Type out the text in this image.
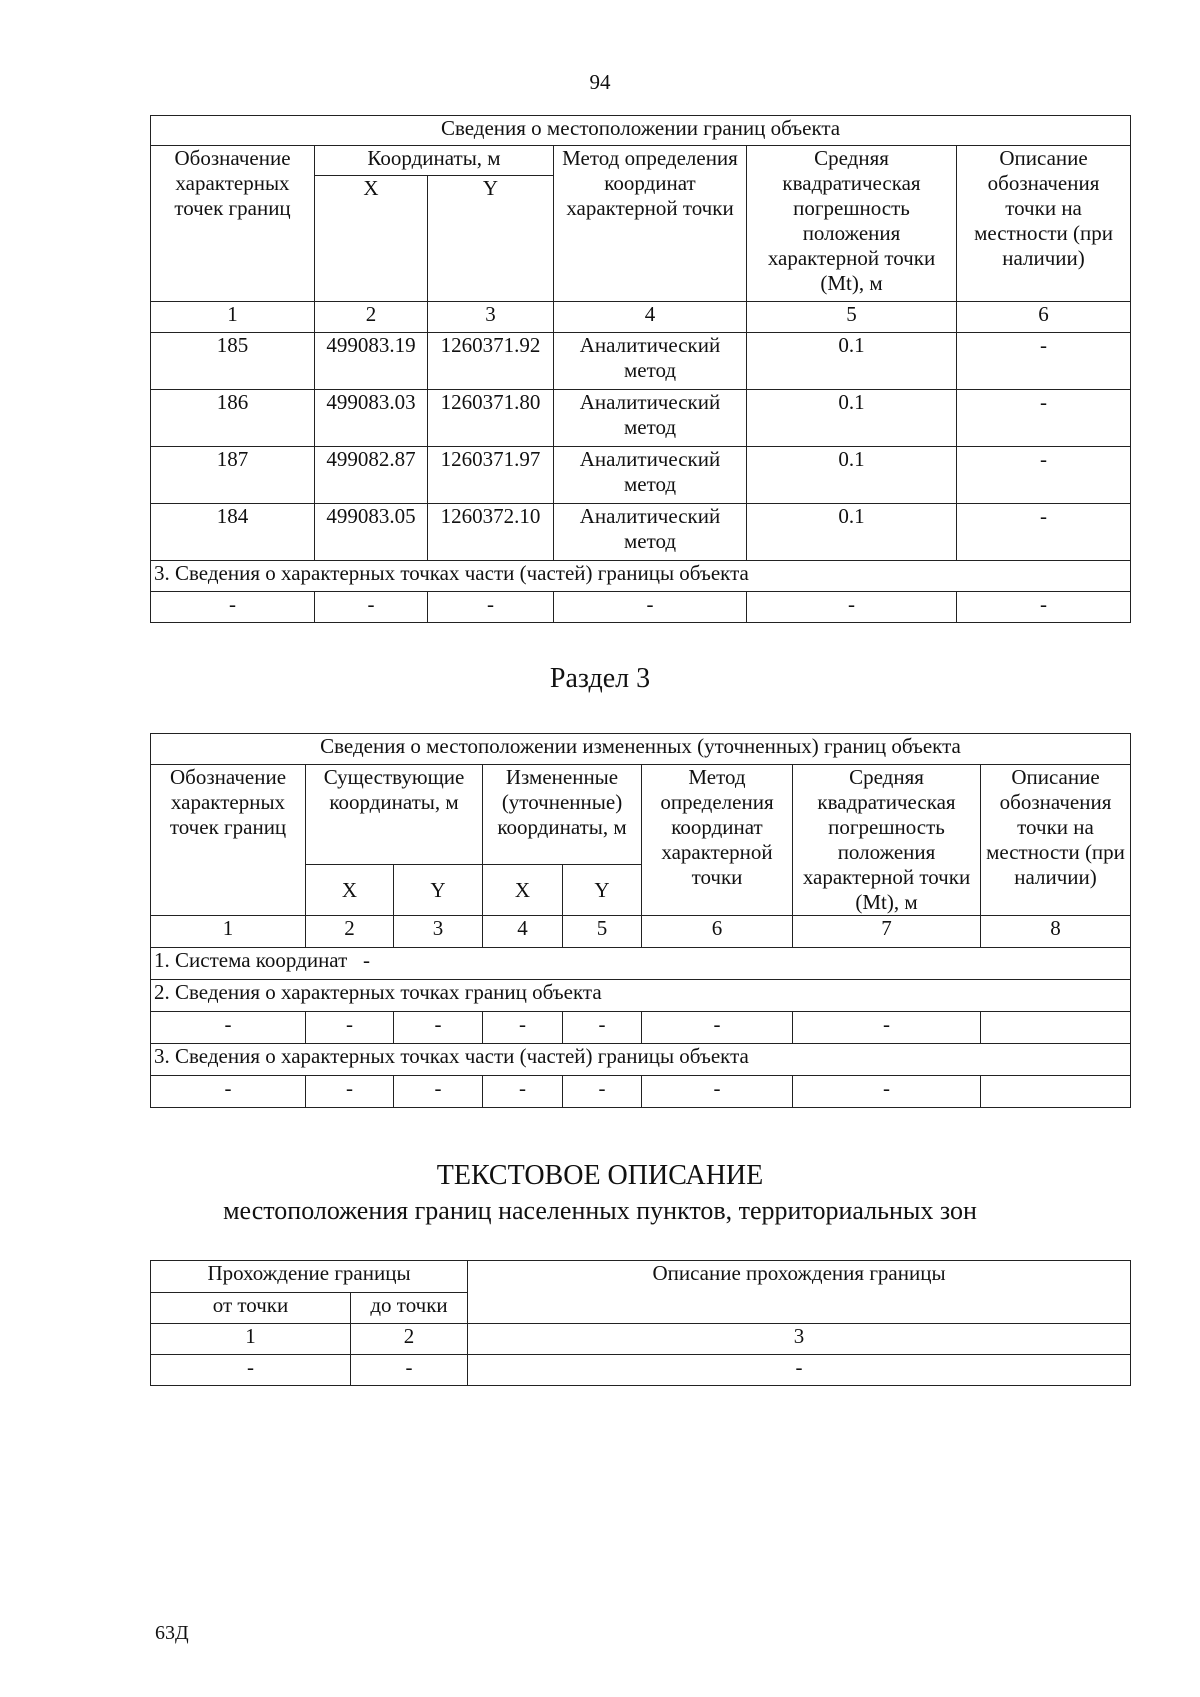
94
Сведения о местоположении границ объекта					
Обозначение характерных точек границ	Координаты, м		Метод определения координат характерной точки	Средняя квадратическая погрешность положения характерной точки (Mt), м	Описание обозначения точки на местности (при наличии)
	X	Y			
1	2	3	4	5	6
185	499083.19	1260371.92	Аналитический метод	0.1	-
186	499083.03	1260371.80	Аналитический метод	0.1	-
187	499082.87	1260371.97	Аналитический метод	0.1	-
184	499083.05	1260372.10	Аналитический метод	0.1	-
3. Сведения о характерных точках части (частей) границы объекта					
-	-	-	-	-	-
Раздел 3
Сведения о местоположении измененных (уточненных) границ объекта							
Обозначение характерных точек границ	Существующие координаты, м		Измененные (уточненные) координаты, м		Метод определения координат характерной точки	Средняя квадратическая погрешность положения характерной точки (Mt), м	Описание обозначения точки на местности (при наличии)
	X	Y	X	Y			
1	2	3	4	5	6	7	8
1. Система координат   -							
2. Сведения о характерных точках границ объекта							
-	-	-	-	-	-	-	
3. Сведения о характерных точках части (частей) границы объекта							
-	-	-	-	-	-	-	
ТЕКСТОВОЕ ОПИСАНИЕ
местоположения границ населенных пунктов, территориальных зон
Прохождение границы		Описание прохождения границы
от точки	до точки	
1	2	3
-	-	-
63Д
